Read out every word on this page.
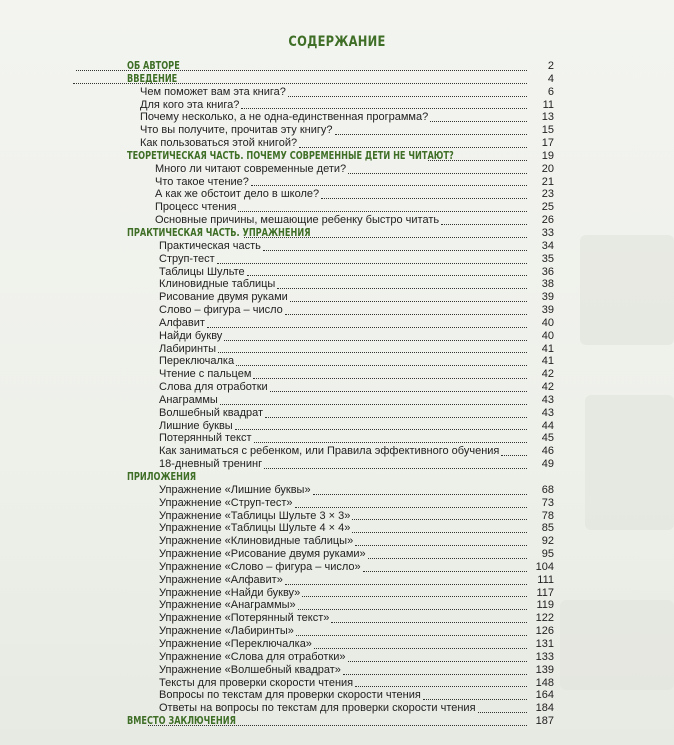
СОДЕРЖАНИЕ
ОБ АВТОРЕ	2
ВВЕДЕНИЕ	4
Чем поможет вам эта книга?	6
Для кого эта книга?	11
Почему несколько, а не одна-единственная программа?	13
Что вы получите, прочитав эту книгу?	15
Как пользоваться этой книгой?	17
ТЕОРЕТИЧЕСКАЯ ЧАСТЬ. ПОЧЕМУ СОВРЕМЕННЫЕ ДЕТИ НЕ ЧИТАЮТ?	19
Много ли читают современные дети?	20
Что такое чтение?	21
А как же обстоит дело в школе?	23
Процесс чтения	25
Основные причины, мешающие ребенку быстро читать	26
ПРАКТИЧЕСКАЯ ЧАСТЬ. УПРАЖНЕНИЯ	33
Практическая часть	34
Струп-тест	35
Таблицы Шульте	36
Клиновидные таблицы	38
Рисование двумя руками	39
Слово – фигура – число	39
Алфавит	40
Найди букву	40
Лабиринты	41
Переключалка	41
Чтение с пальцем	42
Слова для отработки	42
Анаграммы	43
Волшебный квадрат	43
Лишние буквы	44
Потерянный текст	45
Как заниматься с ребенком, или Правила эффективного обучения	46
18-дневный тренинг	49
ПРИЛОЖЕНИЯ
Упражнение «Лишние буквы»	68
Упражнение «Струп-тест»	73
Упражнение «Таблицы Шульте 3 × 3»	78
Упражнение «Таблицы Шульте 4 × 4»	85
Упражнение «Клиновидные таблицы»	92
Упражнение «Рисование двумя руками»	95
Упражнение «Слово – фигура – число»	104
Упражнение «Алфавит»	111
Упражнение «Найди букву»	117
Упражнение «Анаграммы»	119
Упражнение «Потерянный текст»	122
Упражнение «Лабиринты»	126
Упражнение «Переключалка»	131
Упражнение «Слова для отработки»	133
Упражнение «Волшебный квадрат»	139
Тексты для проверки скорости чтения	148
Вопросы по текстам для проверки скорости чтения	164
Ответы на вопросы по текстам для проверки скорости чтения	184
ВМЕСТО ЗАКЛЮЧЕНИЯ	187
